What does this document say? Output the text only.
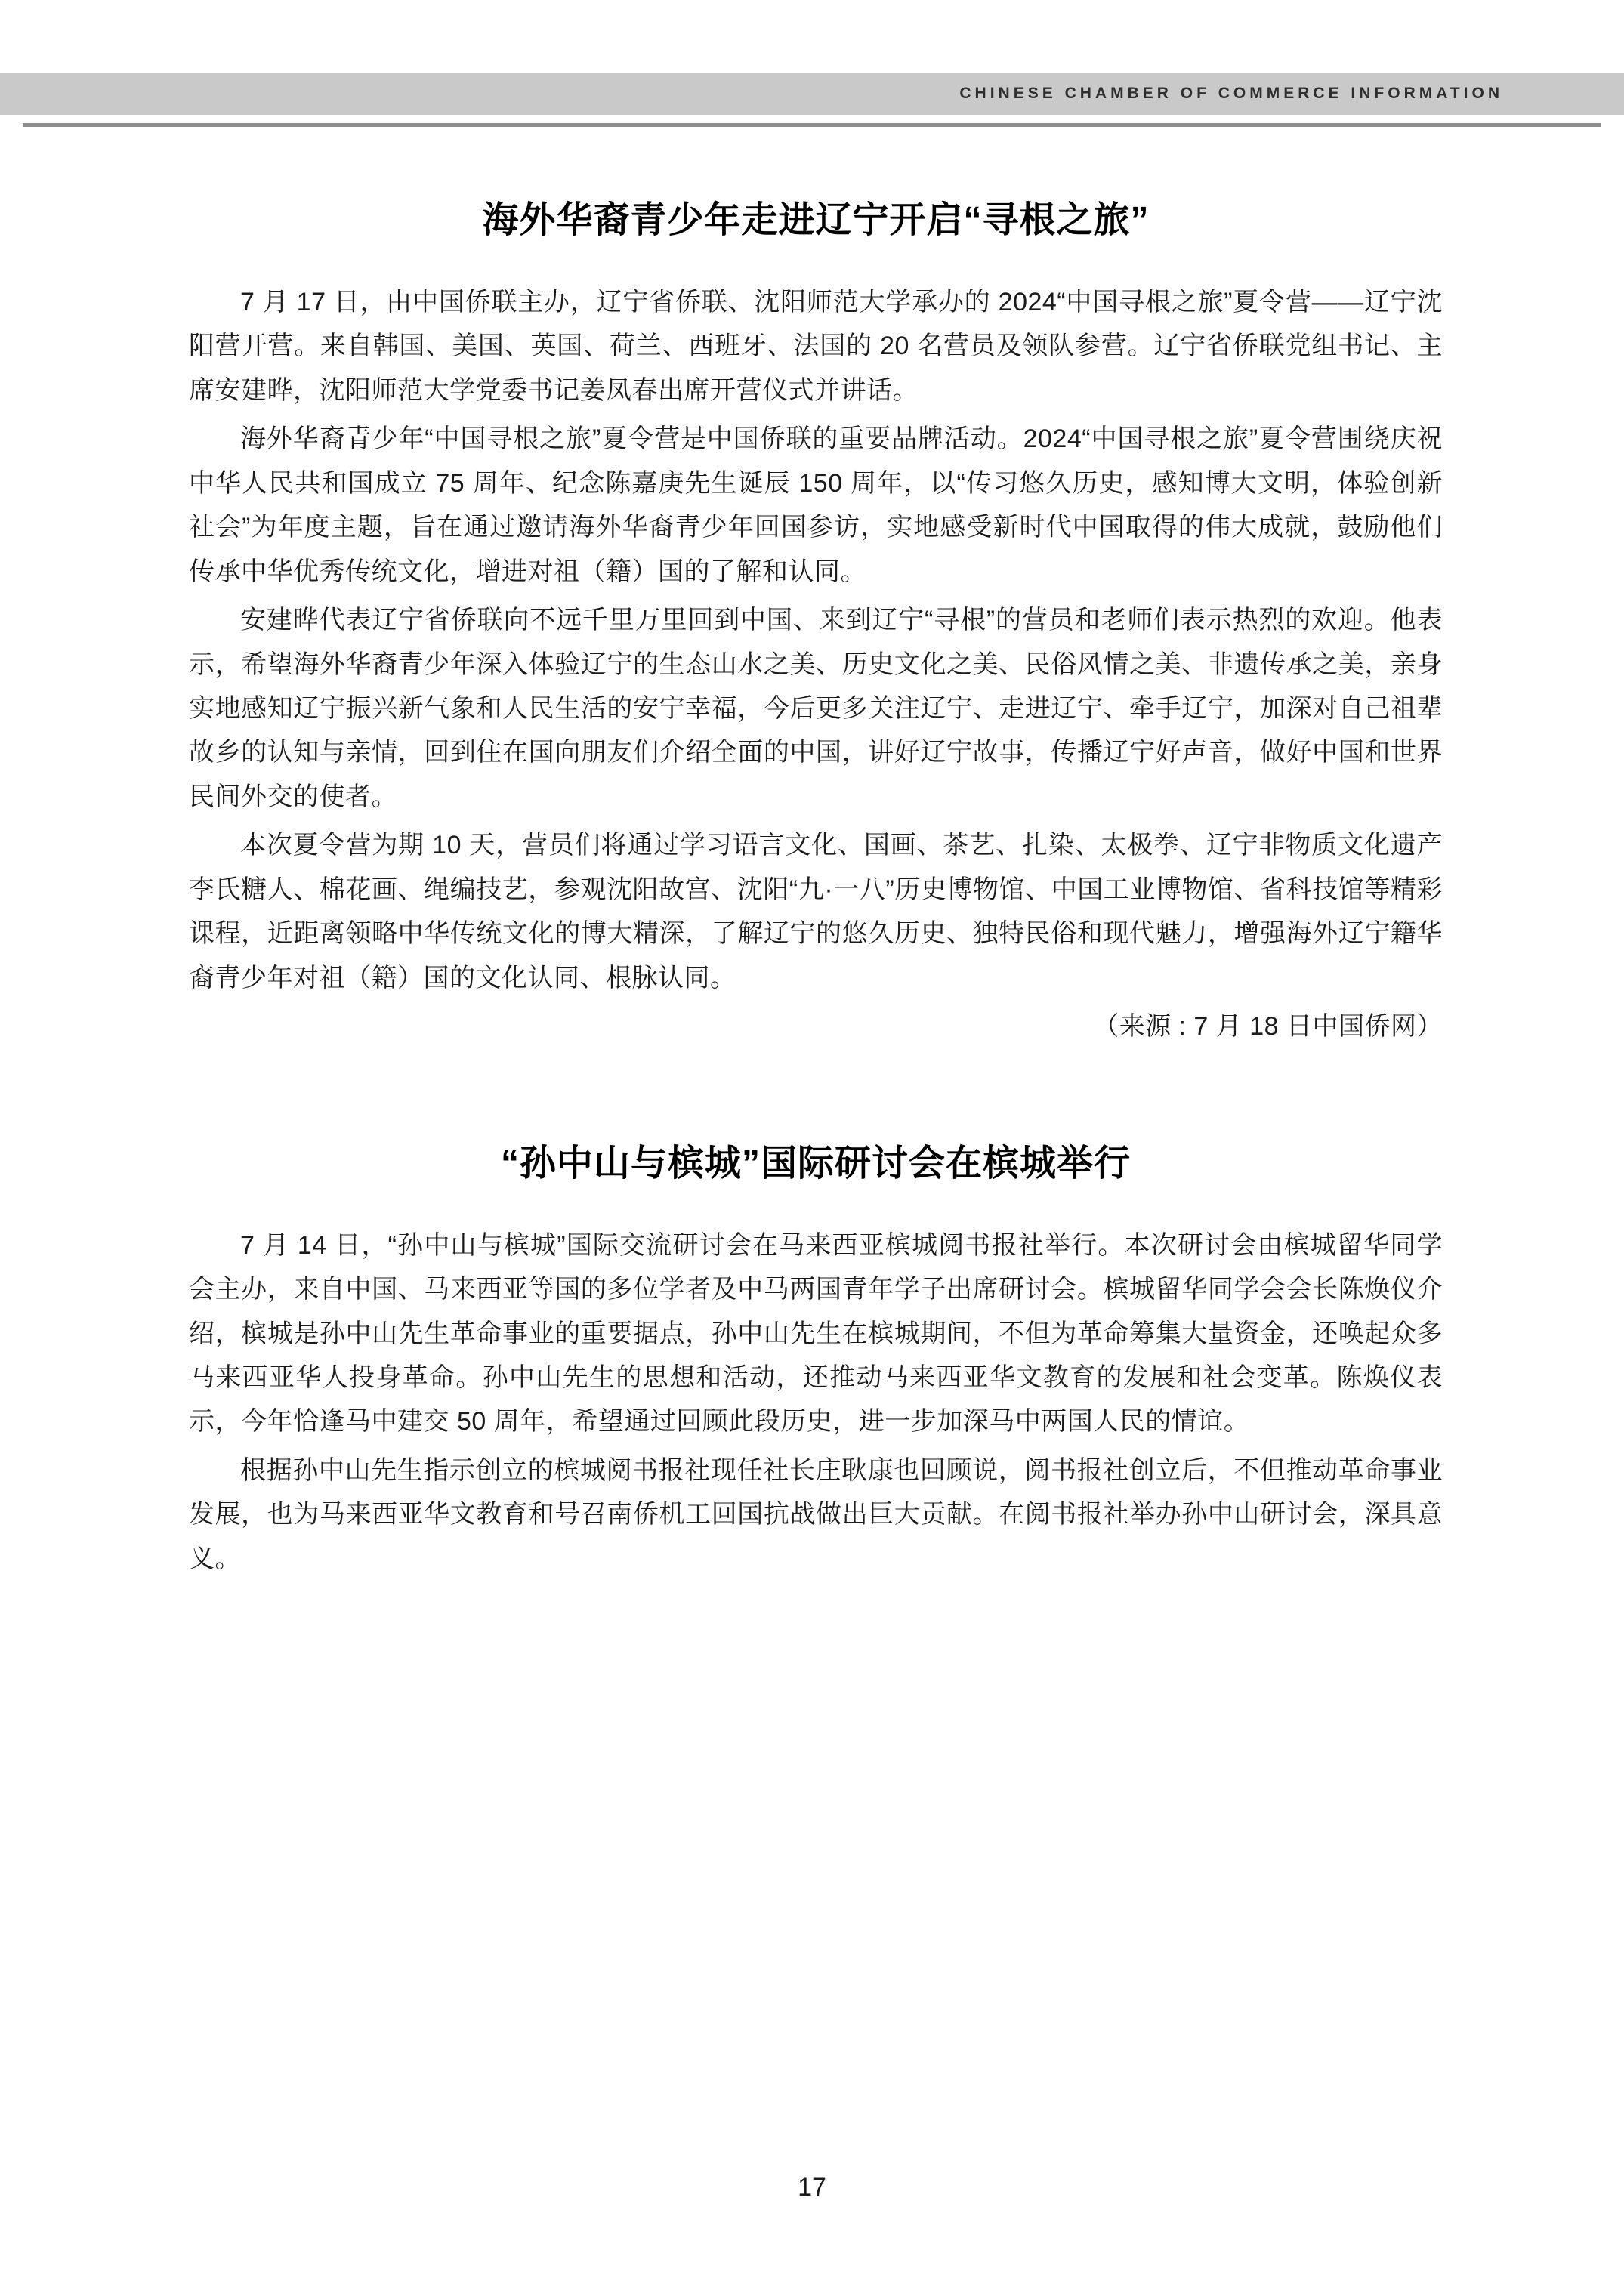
CHINESE CHAMBER OF COMMERCE INFORMATION
海外华裔青少年走进辽宁开启“寻根之旅”

7 月 17 日，由中国侨联主办，辽宁省侨联、沈阳师范大学承办的 2024“中国寻根之旅”夏令营——辽宁沈阳营开营。来自韩国、美国、英国、荷兰、西班牙、法国的 20 名营员及领队参营。辽宁省侨联党组书记、主席安建晔，沈阳师范大学党委书记姜凤春出席开营仪式并讲话。

海外华裔青少年“中国寻根之旅”夏令营是中国侨联的重要品牌活动。2024“中国寻根之旅”夏令营围绕庆祝中华人民共和国成立 75 周年、纪念陈嘉庚先生诞辰 150 周年，以“传习悠久历史，感知博大文明，体验创新社会”为年度主题，旨在通过邀请海外华裔青少年回国参访，实地感受新时代中国取得的伟大成就，鼓励他们传承中华优秀传统文化，增进对祖（籍）国的了解和认同。

安建晔代表辽宁省侨联向不远千里万里回到中国、来到辽宁“寻根”的营员和老师们表示热烈的欢迎。他表示，希望海外华裔青少年深入体验辽宁的生态山水之美、历史文化之美、民俗风情之美、非遗传承之美，亲身实地感知辽宁振兴新气象和人民生活的安宁幸福，今后更多关注辽宁、走进辽宁、牵手辽宁，加深对自己祖辈故乡的认知与亲情，回到住在国向朋友们介绍全面的中国，讲好辽宁故事，传播辽宁好声音，做好中国和世界民间外交的使者。

本次夏令营为期 10 天，营员们将通过学习语言文化、国画、茶艺、扎染、太极拳、辽宁非物质文化遗产李氏糖人、棉花画、绳编技艺，参观沈阳故宫、沈阳“九·一八”历史博物馆、中国工业博物馆、省科技馆等精彩课程，近距离领略中华传统文化的博大精深，了解辽宁的悠久历史、独特民俗和现代魅力，增强海外辽宁籍华裔青少年对祖（籍）国的文化认同、根脉认同。

（来源 : 7 月 18 日中国侨网）

“孙中山与槟城”国际研讨会在槟城举行

7 月 14 日，“孙中山与槟城”国际交流研讨会在马来西亚槟城阅书报社举行。本次研讨会由槟城留华同学会主办，来自中国、马来西亚等国的多位学者及中马两国青年学子出席研讨会。槟城留华同学会会长陈焕仪介绍，槟城是孙中山先生革命事业的重要据点，孙中山先生在槟城期间，不但为革命筹集大量资金，还唤起众多马来西亚华人投身革命。孙中山先生的思想和活动，还推动马来西亚华文教育的发展和社会变革。陈焕仪表示，今年恰逢马中建交 50 周年，希望通过回顾此段历史，进一步加深马中两国人民的情谊。

根据孙中山先生指示创立的槟城阅书报社现任社长庄耿康也回顾说，阅书报社创立后，不但推动革命事业发展，也为马来西亚华文教育和号召南侨机工回国抗战做出巨大贡献。在阅书报社举办孙中山研讨会，深具意义。

17
